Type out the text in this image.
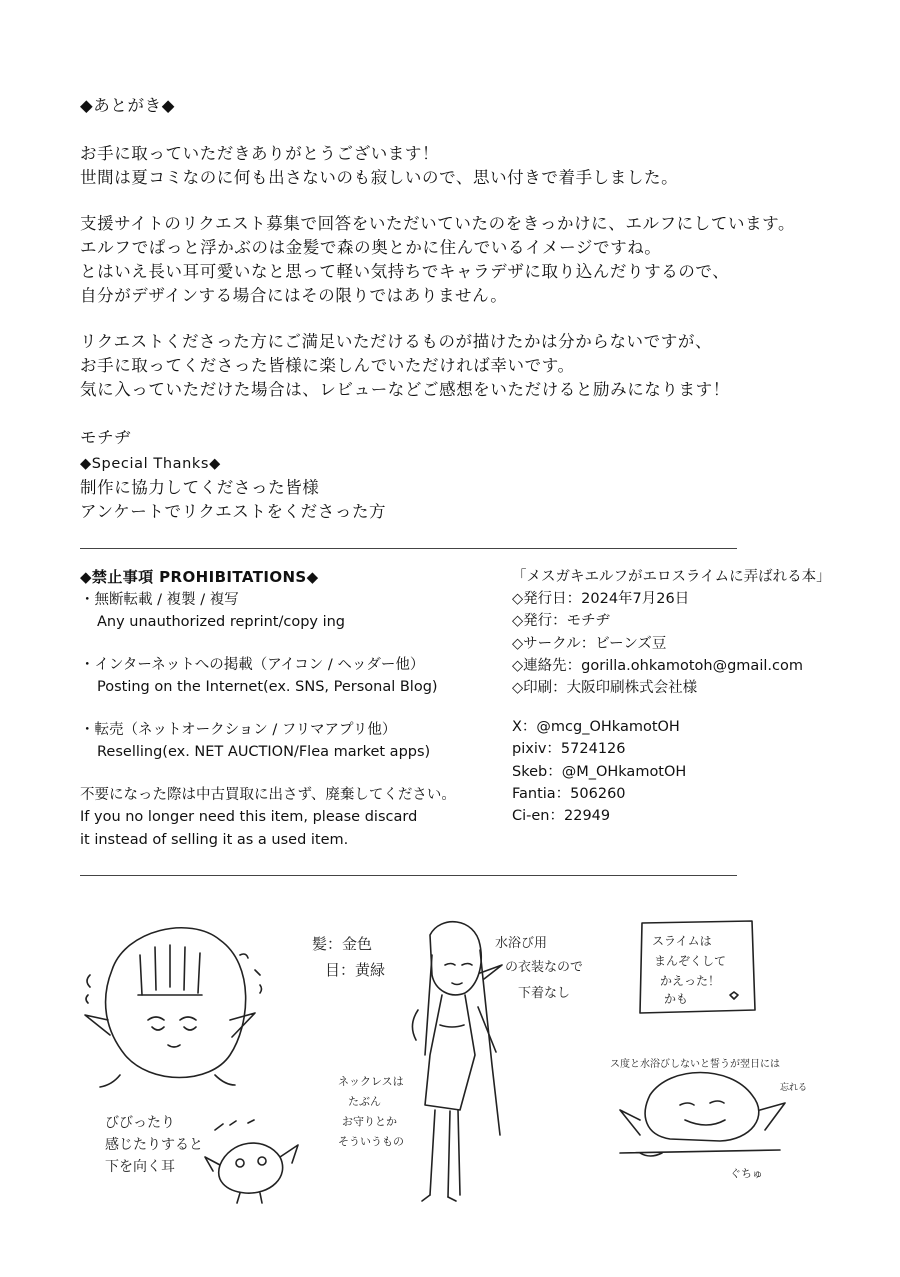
◆あとがき◆
お手に取っていただきありがとうございます！
世間は夏コミなのに何も出さないのも寂しいので、思い付きで着手しました。
支援サイトのリクエスト募集で回答をいただいていたのをきっかけに、エルフにしています。
エルフでぱっと浮かぶのは金髪で森の奥とかに住んでいるイメージですね。
とはいえ長い耳可愛いなと思って軽い気持ちでキャラデザに取り込んだりするので、
自分がデザインする場合にはその限りではありません。
リクエストくださった方にご満足いただけるものが描けたかは分からないですが、
お手に取ってくださった皆様に楽しんでいただければ幸いです。
気に入っていただけた場合は、レビューなどご感想をいただけると励みになります！
モチヂ
◆Special Thanks◆
制作に協力してくださった皆様
アンケートでリクエストをくださった方
◆禁止事項 PROHIBITATIONS◆
・無断転載 / 複製 / 複写
Any unauthorized reprint/copy ing
・インターネットへの掲載（アイコン / ヘッダー他）
Posting on the Internet(ex. SNS, Personal Blog)
・転売（ネットオークション / フリマアプリ他）
Reselling(ex. NET AUCTION/Flea market apps)
不要になった際は中古買取に出さず、廃棄してください。
If you no longer need this item, please discard
it instead of selling it as a used item.
「メスガキエルフがエロスライムに弄ばれる本」
◇発行日：2024年7月26日
◇発行：モチヂ
◇サークル：ビーンズ豆
◇連絡先：gorilla.ohkamotoh@gmail.com
◇印刷：大阪印刷株式会社様
X：@mcg_OHkamotOH
pixiv：5724126
Skeb：@M_OHkamotOH
Fantia：506260
Ci-en：22949
びびったり 感じたりすると 下を向く耳
髪：金色 目：黄緑
水浴び用 の衣装なので 下着なし
ネックレスは たぶん お守りとか そういうもの
スライムは まんぞくして かえった！ かも
ス度と水浴びしないと誓うが翌日には
忘れる
ぐちゅ
